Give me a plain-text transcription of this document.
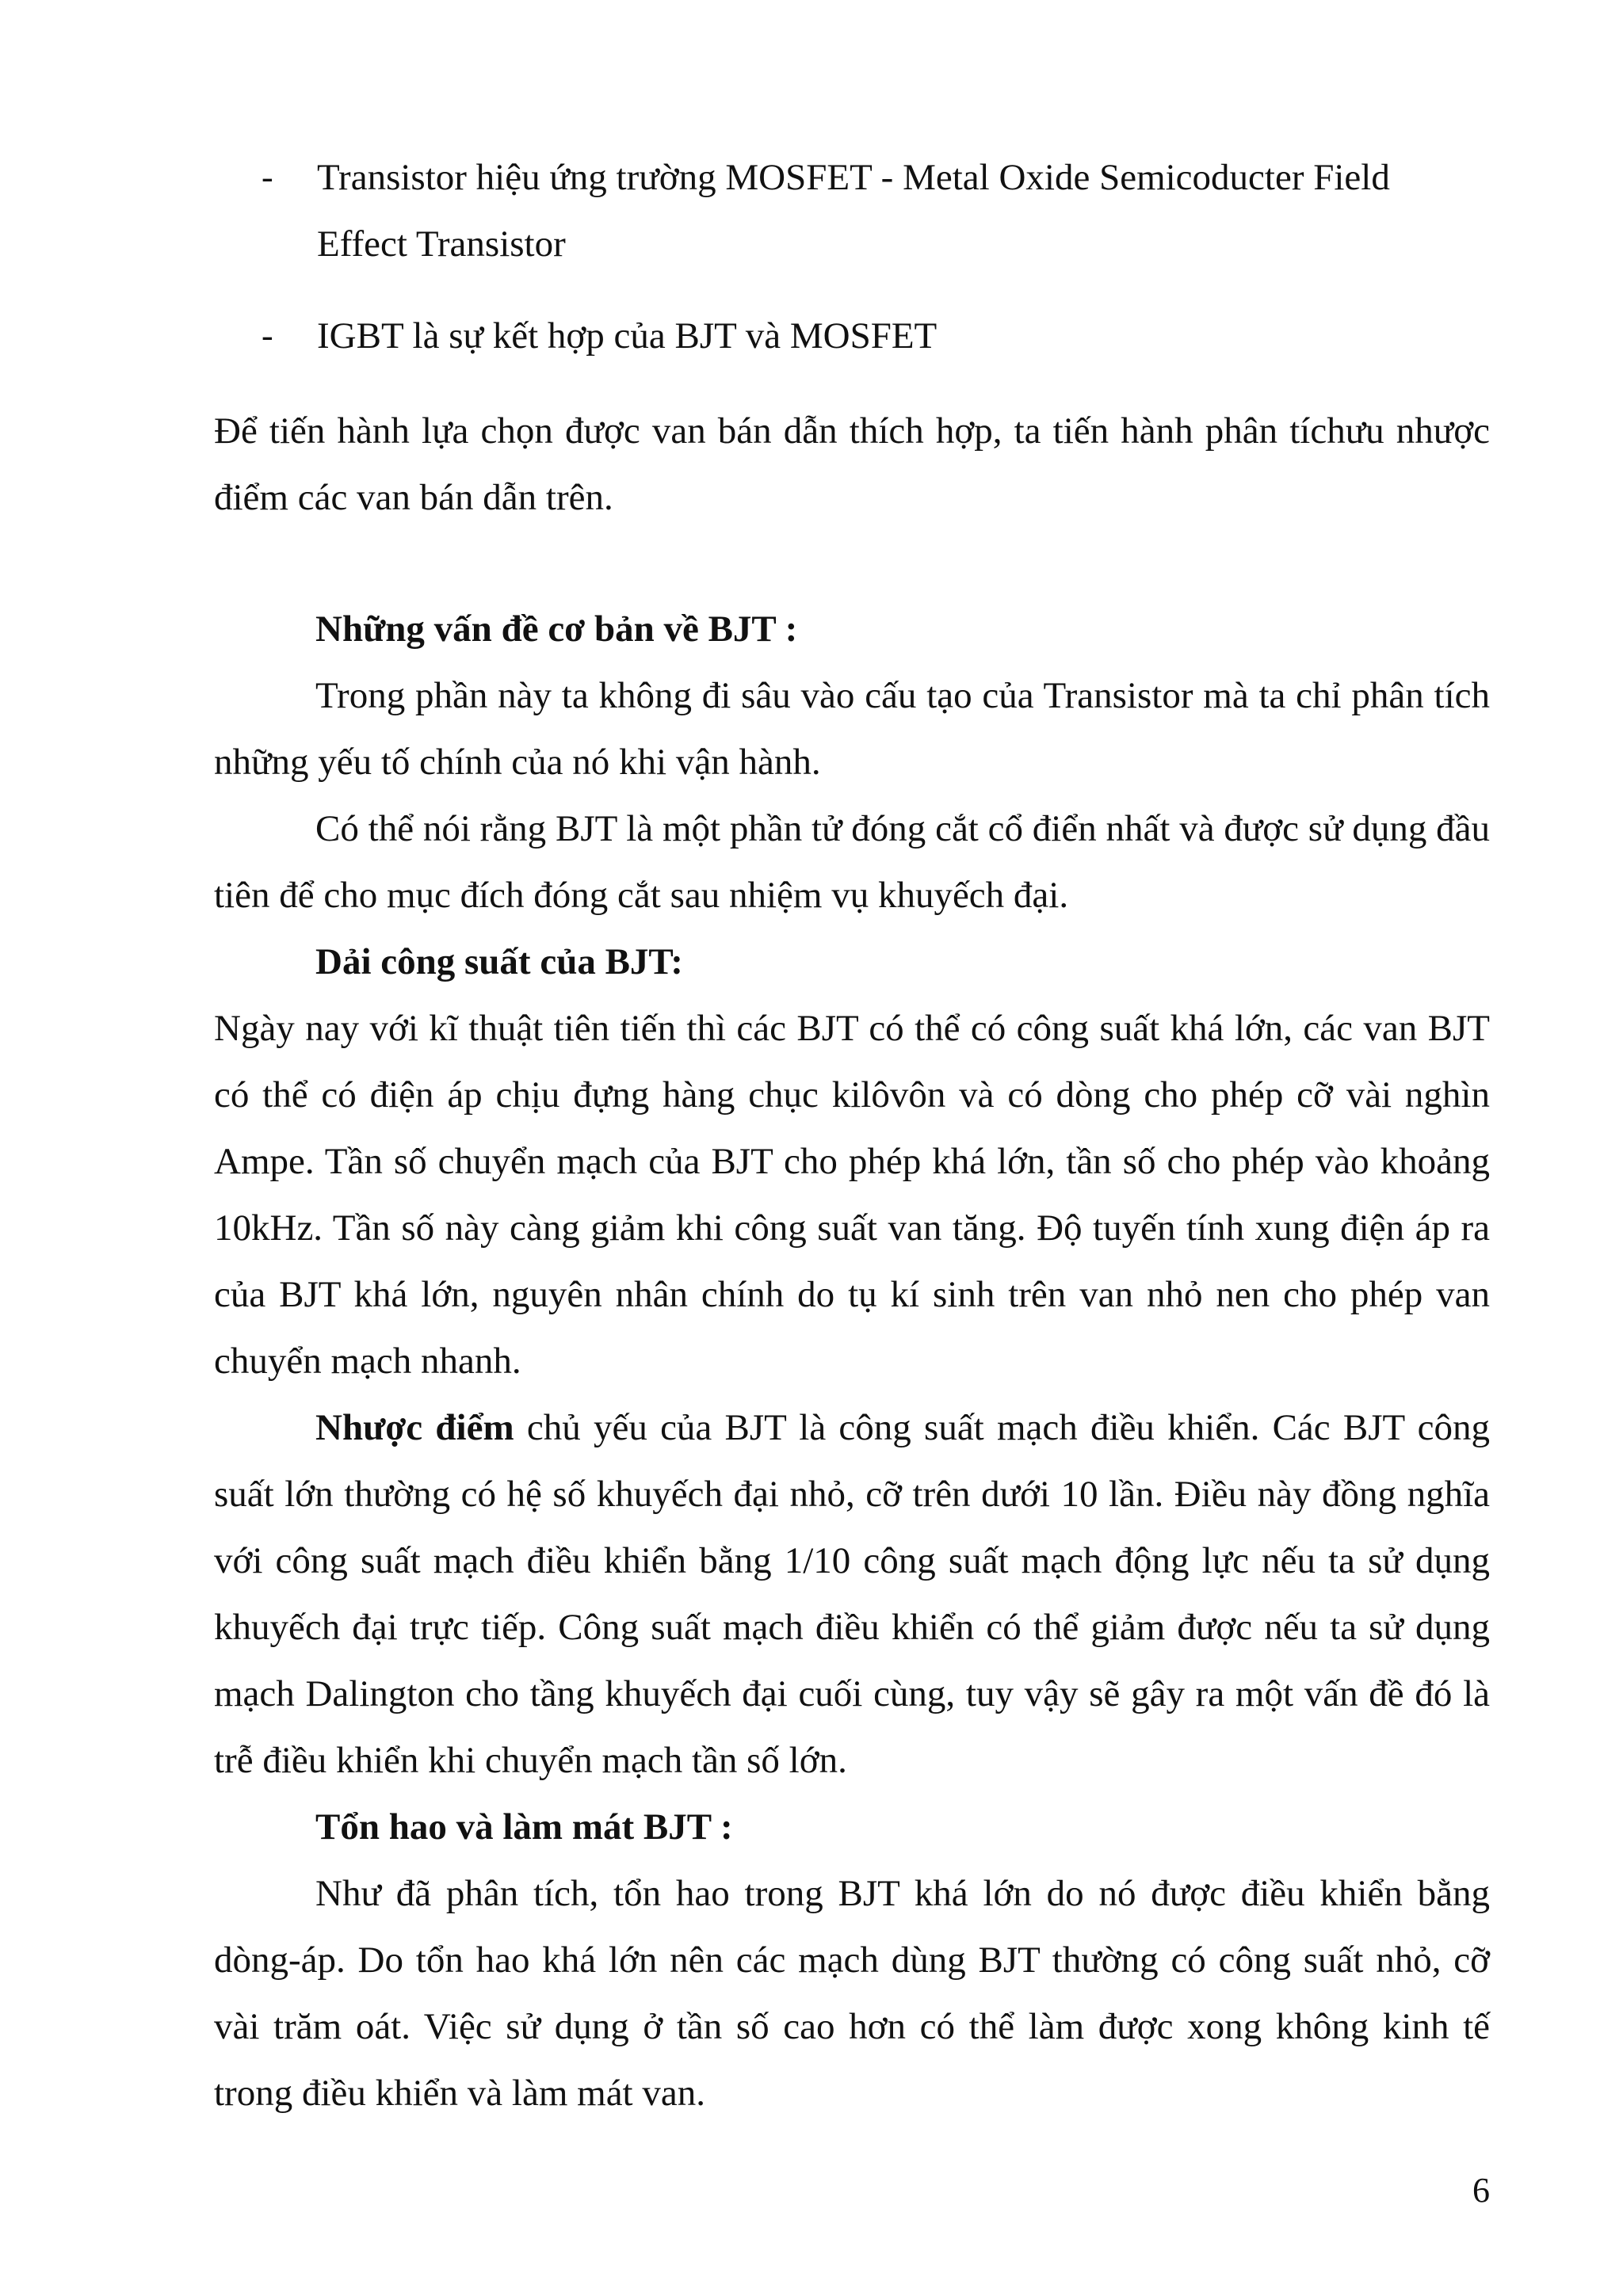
- Transistor hiệu ứng trường MOSFET - Metal Oxide Semicoducter Field
Effect Transistor
- IGBT là sự kết hợp của BJT và MOSFET
Để tiến hành lựa chọn được van bán dẫn thích hợp, ta tiến hành phân tíchưu nhược điểm các van bán dẫn trên.
Những vấn đề cơ bản về BJT :
Trong phần này ta không đi sâu vào cấu tạo của Transistor mà ta chỉ phân tích những yếu tố chính của nó khi vận hành.
Có thể nói rằng BJT là một phần tử đóng cắt cổ điển nhất và được sử dụng đầu tiên để cho mục đích đóng cắt sau nhiệm vụ khuyếch đại.
Dải công suất của BJT:
Ngày nay với kĩ thuật tiên tiến thì các BJT có thể có công suất khá lớn, các van BJT có thể có điện áp chịu đựng hàng chục kilôvôn và có dòng cho phép cỡ vài nghìn Ampe. Tần số chuyển mạch của BJT cho phép khá lớn, tần số cho phép vào khoảng 10kHz. Tần số này càng giảm khi công suất van tăng. Độ tuyến tính xung điện áp ra của BJT khá lớn, nguyên nhân chính do tụ kí sinh trên van nhỏ nen cho phép van chuyển mạch nhanh.
Nhược điểm chủ yếu của BJT là công suất mạch điều khiển. Các BJT công suất lớn thường có hệ số khuyếch đại nhỏ, cỡ trên dưới 10 lần. Điều này đồng nghĩa với công suất mạch điều khiển bằng 1/10 công suất mạch động lực nếu ta sử dụng khuyếch đại trực tiếp. Công suất mạch điều khiển có thể giảm được nếu ta sử dụng mạch Dalington cho tầng khuyếch đại cuối cùng, tuy vậy sẽ gây ra một vấn đề đó là trễ điều khiển khi chuyển mạch tần số lớn.
Tổn hao và làm mát BJT :
Như đã phân tích, tổn hao trong BJT khá lớn do nó được điều khiển bằng dòng-áp. Do tổn hao khá lớn nên các mạch dùng BJT thường có công suất nhỏ, cỡ vài trăm oát. Việc sử dụng ở tần số cao hơn có thể làm được xong không kinh tế trong điều khiển và làm mát van.
6
